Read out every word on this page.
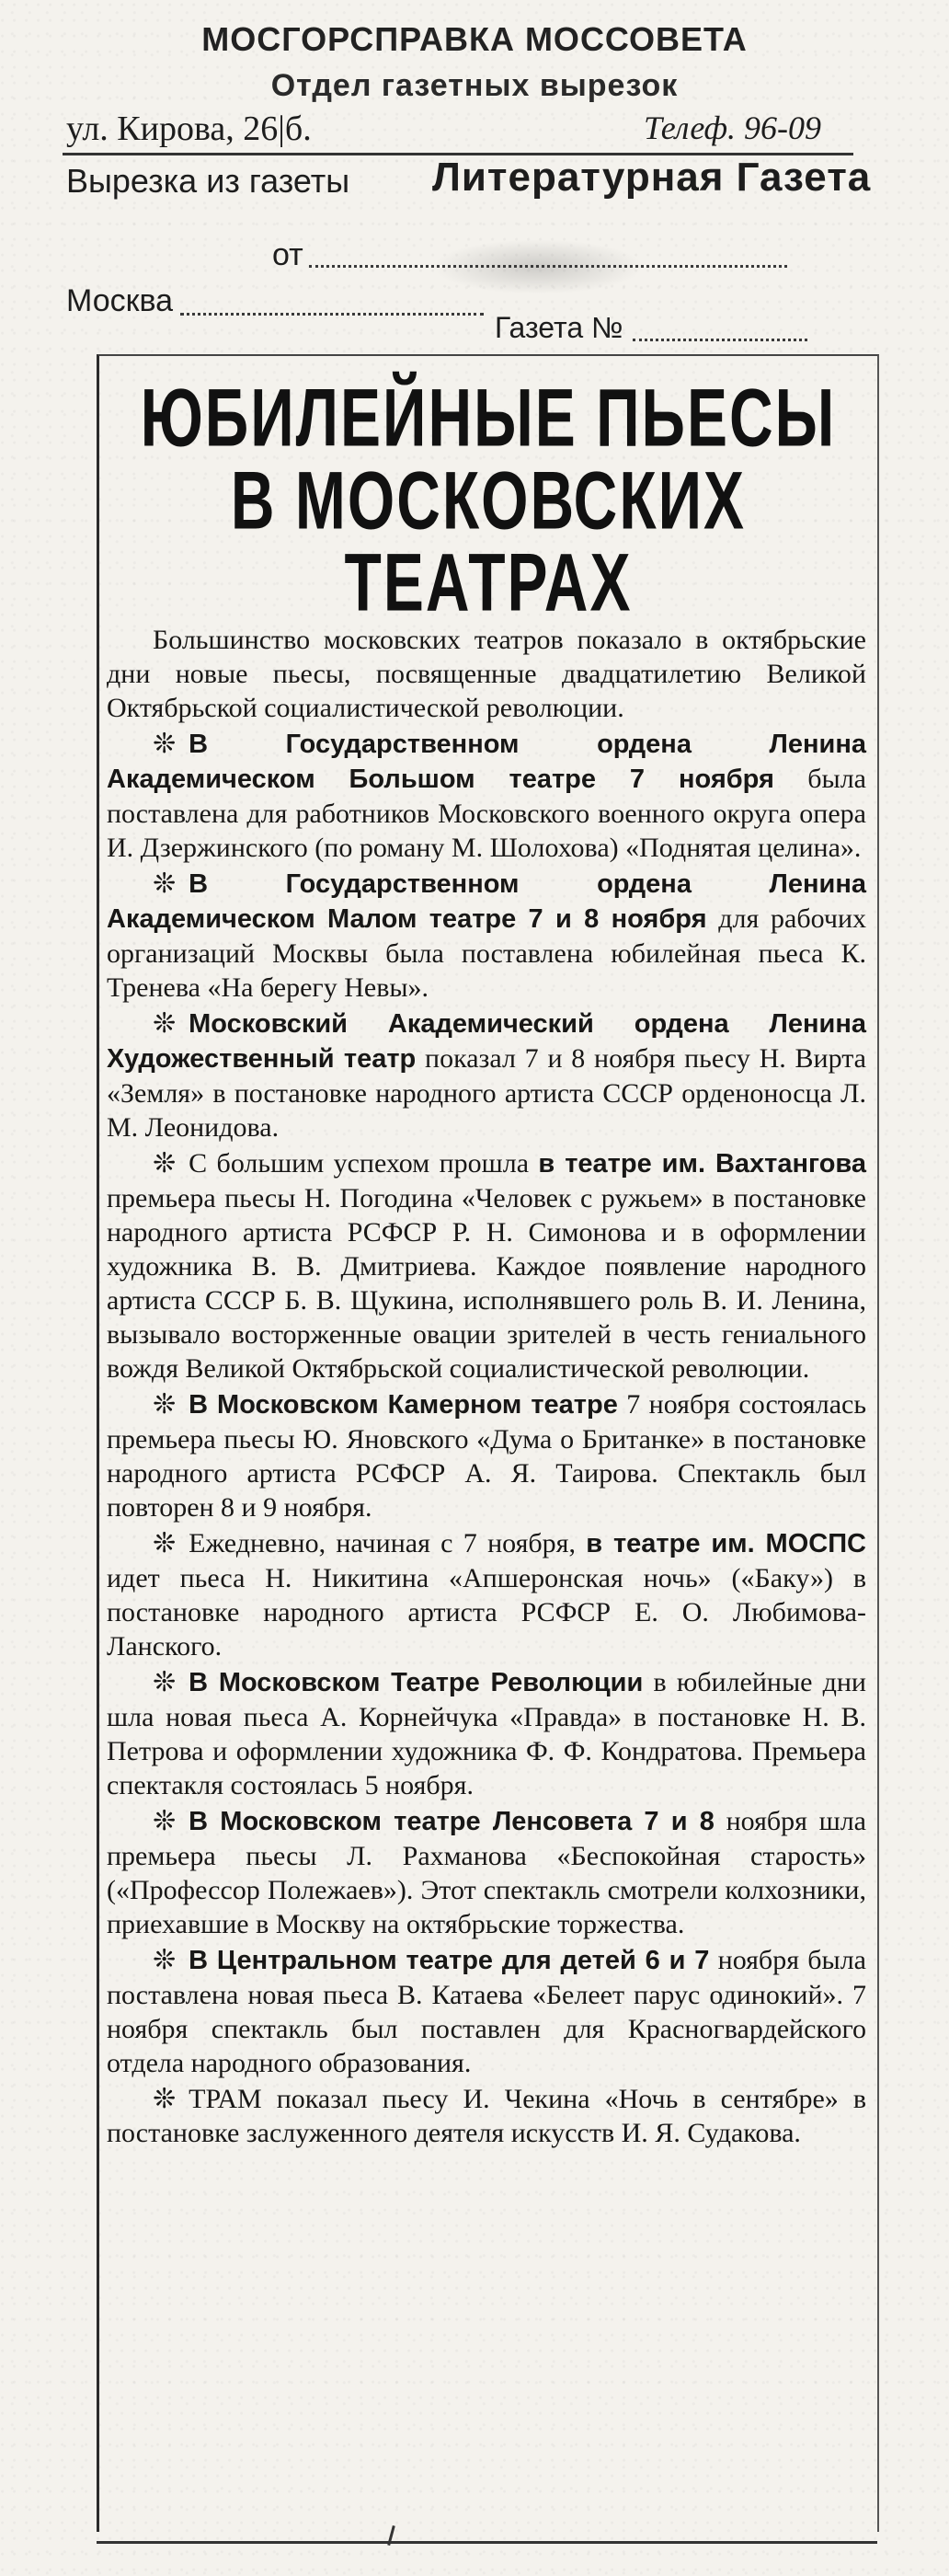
МОСГОРСПРАВКА МОССОВЕТА
Отдел газетных вырезок
ул. Кирова, 26|б.	Телеф. 96-09
Вырезка из газеты Литературная Газета
от
Москва
Газета №
ЮБИЛЕЙНЫЕ ПЬЕСЫ
В МОСКОВСКИХ ТЕАТРАХ

Большинство московских театров показало в октябрьские дни новые пьесы, посвященные двадцатилетию Великой Октябрьской социалистической революции.

❊ В Государственном ордена Ленина Академическом Большом театре 7 ноября была поставлена для работников Московского военного округа опера И. Дзержинского (по роману М. Шолохова) «Поднятая целина».

❊ В Государственном ордена Ленина Академическом Малом театре 7 и 8 ноября для рабочих организаций Москвы была поставлена юбилейная пьеса К. Тренева «На берегу Невы».

❊ Московский Академический ордена Ленина Художественный театр показал 7 и 8 ноября пьесу Н. Вирта «Земля» в постановке народного артиста СССР орденоносца Л. М. Леонидова.

❊ С большим успехом прошла в театре им. Вахтангова премьера пьесы Н. Погодина «Человек с ружьем» в постановке народного артиста РСФСР Р. Н. Симонова и в оформлении художника В. В. Дмитриева. Каждое появление народного артиста СССР Б. В. Щукина, исполнявшего роль В. И. Ленина, вызывало восторженные овации зрителей в честь гениального вождя Великой Октябрьской социалистической революции.

❊ В Московском Камерном театре 7 ноября состоялась премьера пьесы Ю. Яновского «Дума о Британке» в постановке народного артиста РСФСР А. Я. Таирова. Спектакль был повторен 8 и 9 ноября.

❊ Ежедневно, начиная с 7 ноября, в театре им. МОСПС идет пьеса Н. Никитина «Апшеронская ночь» («Баку») в постановке народного артиста РСФСР Е. О. Любимова-Ланского.

❊ В Московском Театре Революции в юбилейные дни шла новая пьеса А. Корнейчука «Правда» в постановке Н. В. Петрова и оформлении художника Ф. Ф. Кондратова. Премьера спектакля состоялась 5 ноября.

❊ В Московском театре Ленсовета 7 и 8 ноября шла премьера пьесы Л. Рахманова «Беспокойная старость» («Профессор Полежаев»). Этот спектакль смотрели колхозники, приехавшие в Москву на октябрьские торжества.

❊ В Центральном театре для детей 6 и 7 ноября была поставлена новая пьеса В. Катаева «Белеет парус одинокий». 7 ноября спектакль был поставлен для Красногвардейского отдела народного образования.

❊ ТРАМ показал пьесу И. Чекина «Ночь в сентябре» в постановке заслуженного деятеля искусств И. Я. Судакова.
